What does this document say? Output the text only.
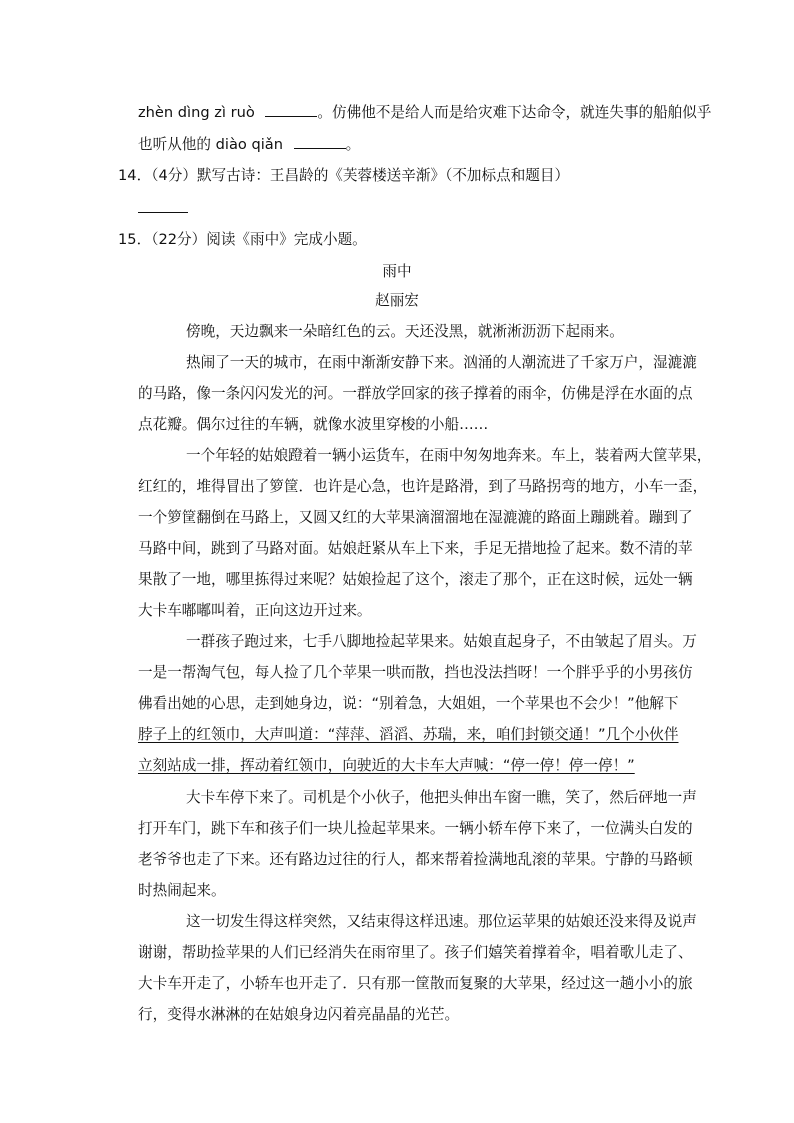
zhèn dìng zì ruò	。仿佛他不是给人而是给灾难下达命令，就连失事的船舶似乎
也听从他的 diào qiǎn	。
14．（4分）默写古诗：王昌龄的《芙蓉楼送辛渐》（不加标点和题目）
15．（22分）阅读《雨中》完成小题。
雨中
赵丽宏
傍晚，天边飘来一朵暗红色的云。天还没黑，就淅淅沥沥下起雨来。
热闹了一天的城市，在雨中渐渐安静下来。汹涌的人潮流进了千家万户，湿漉漉
的马路，像一条闪闪发光的河。一群放学回家的孩子撑着的雨伞，仿佛是浮在水面的点
点花瓣。偶尔过往的车辆，就像水波里穿梭的小船……
一个年轻的姑娘蹬着一辆小运货车，在雨中匆匆地奔来。车上，装着两大筐苹果，
红红的，堆得冒出了箩筐．也许是心急，也许是路滑，到了马路拐弯的地方，小车一歪，
一个箩筐翻倒在马路上，又圆又红的大苹果滴溜溜地在湿漉漉的路面上蹦跳着。蹦到了
马路中间，跳到了马路对面。姑娘赶紧从车上下来，手足无措地捡了起来。数不清的苹
果散了一地，哪里拣得过来呢？姑娘捡起了这个，滚走了那个，正在这时候，远处一辆
大卡车嘟嘟叫着，正向这边开过来。
一群孩子跑过来，七手八脚地捡起苹果来。姑娘直起身子，不由皱起了眉头。万
一是一帮淘气包，每人捡了几个苹果一哄而散，挡也没法挡呀！一个胖乎乎的小男孩仿
佛看出她的心思，走到她身边，说：“别着急，大姐姐，一个苹果也不会少！”他解下
脖子上的红领巾，大声叫道：“萍萍、滔滔、苏瑞，来，咱们封锁交通！”几个小伙伴
立刻站成一排，挥动着红领巾，向驶近的大卡车大声喊：“停一停！停一停！”
大卡车停下来了。司机是个小伙子，他把头伸出车窗一瞧，笑了，然后砰地一声
打开车门，跳下车和孩子们一块儿捡起苹果来。一辆小轿车停下来了，一位满头白发的
老爷爷也走了下来。还有路边过往的行人，都来帮着捡满地乱滚的苹果。宁静的马路顿
时热闹起来。
这一切发生得这样突然，又结束得这样迅速。那位运苹果的姑娘还没来得及说声
谢谢，帮助捡苹果的人们已经消失在雨帘里了。孩子们嬉笑着撑着伞，唱着歌儿走了、
大卡车开走了，小轿车也开走了．只有那一筐散而复聚的大苹果，经过这一趟小小的旅
行，变得水淋淋的在姑娘身边闪着亮晶晶的光芒。
